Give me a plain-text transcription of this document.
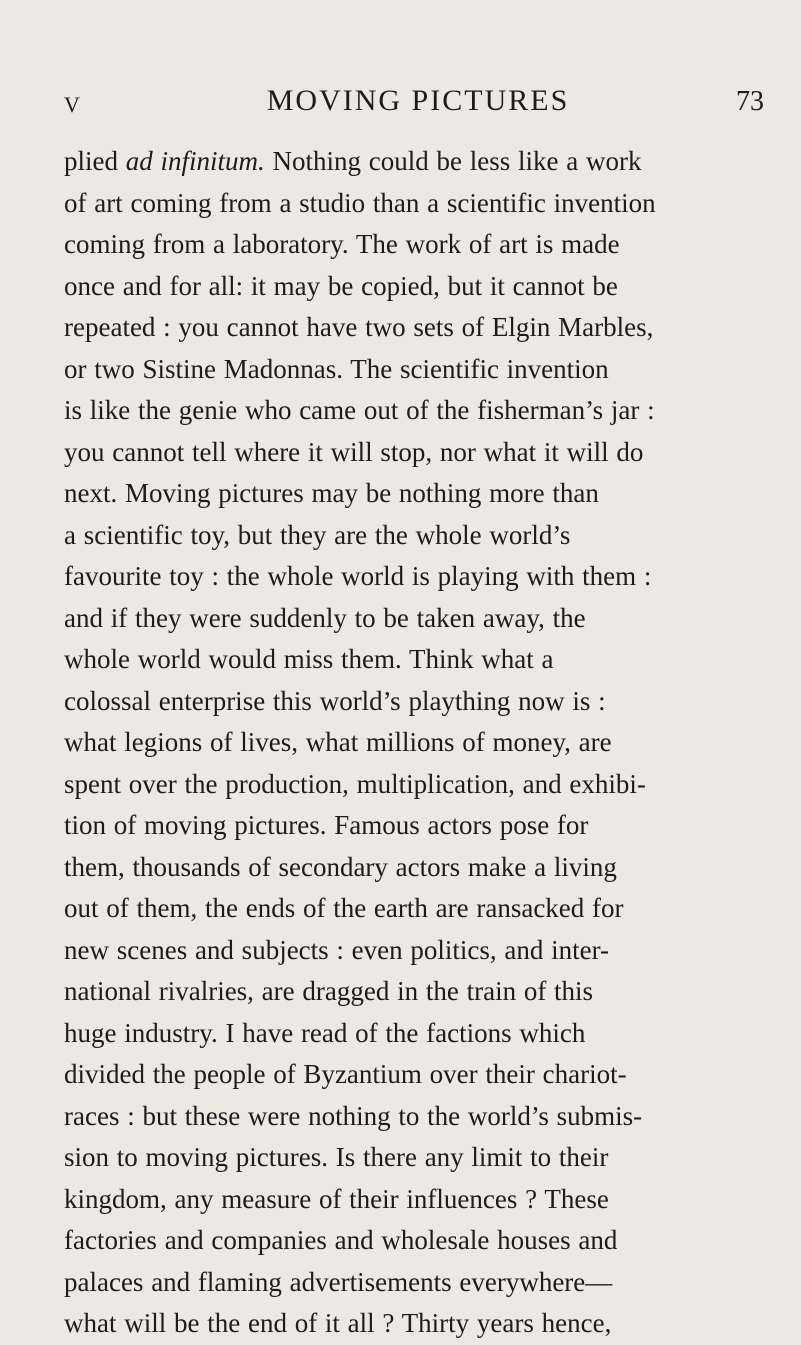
V	MOVING PICTURES	73
plied ad infinitum. Nothing could be less like a work
of art coming from a studio than a scientific invention
coming from a laboratory. The work of art is made
once and for all: it may be copied, but it cannot be
repeated : you cannot have two sets of Elgin Marbles,
or two Sistine Madonnas. The scientific invention
is like the genie who came out of the fisherman’s jar :
you cannot tell where it will stop, nor what it will do
next. Moving pictures may be nothing more than
a scientific toy, but they are the whole world’s
favourite toy : the whole world is playing with them :
and if they were suddenly to be taken away, the
whole world would miss them. Think what a
colossal enterprise this world’s plaything now is :
what legions of lives, what millions of money, are
spent over the production, multiplication, and exhibi-
tion of moving pictures. Famous actors pose for
them, thousands of secondary actors make a living
out of them, the ends of the earth are ransacked for
new scenes and subjects : even politics, and inter-
national rivalries, are dragged in the train of this
huge industry. I have read of the factions which
divided the people of Byzantium over their chariot-
races : but these were nothing to the world’s submis-
sion to moving pictures. Is there any limit to their
kingdom, any measure of their influences ? These
factories and companies and wholesale houses and
palaces and flaming advertisements everywhere—
what will be the end of it all ? Thirty years hence,
